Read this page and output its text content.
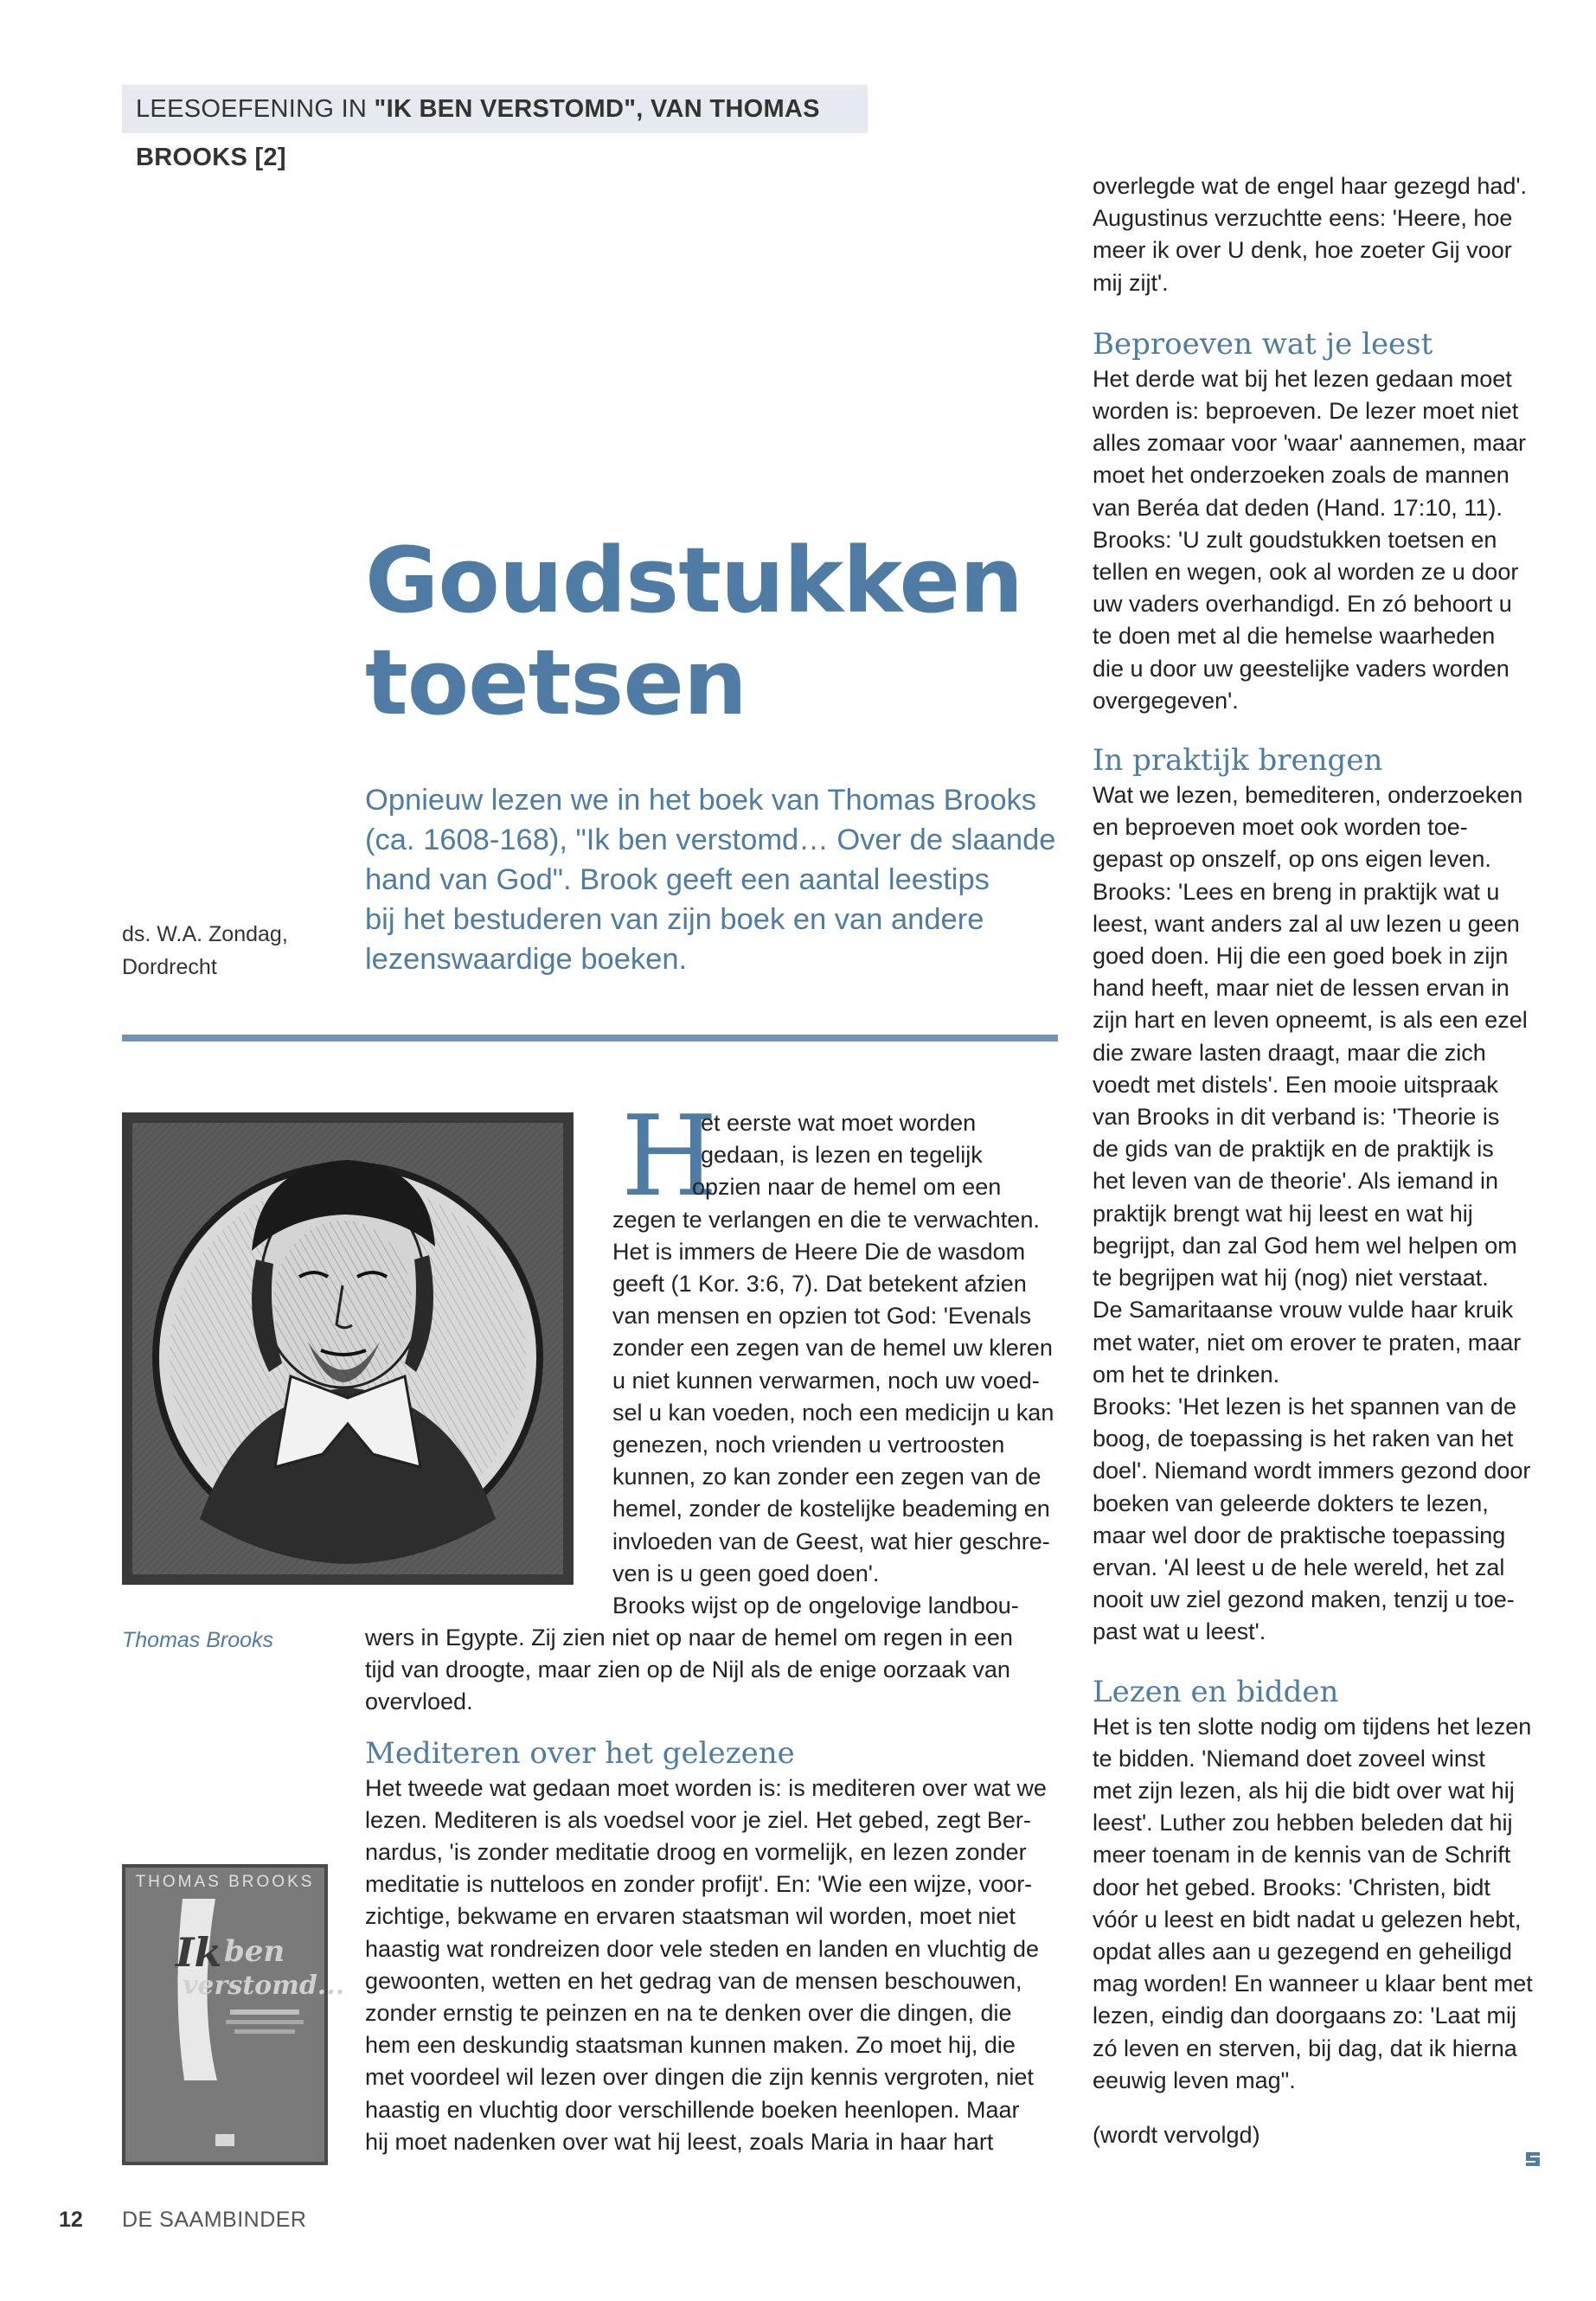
LEESOEFENING IN "IK BEN VERSTOMD", VAN THOMAS BROOKS [2]
Goudstukken
toetsen
Opnieuw lezen we in het boek van Thomas Brooks
(ca. 1608-168), "Ik ben verstomd… Over de slaande
hand van God". Brook geeft een aantal leestips
bij het bestuderen van zijn boek en van andere
lezenswaardige boeken.
ds. W.A. Zondag,
Dordrecht
Thomas Brooks
THOMAS BROOKS
Ik ben
verstomd...
H
et eerste wat moet worden
gedaan, is lezen en tegelijk
opzien naar de hemel om een
zegen te verlangen en die te verwachten.
Het is immers de Heere Die de wasdom
geeft (1 Kor. 3:6, 7). Dat betekent afzien
van mensen en opzien tot God: 'Evenals
zonder een zegen van de hemel uw kleren
u niet kunnen verwarmen, noch uw voed-
sel u kan voeden, noch een medicijn u kan
genezen, noch vrienden u vertroosten
kunnen, zo kan zonder een zegen van de
hemel, zonder de kostelijke beademing en
invloeden van de Geest, wat hier geschre-
ven is u geen goed doen'.
Brooks wijst op de ongelovige landbou-
wers in Egypte. Zij zien niet op naar de hemel om regen in een
tijd van droogte, maar zien op de Nijl als de enige oorzaak van
overvloed.
Mediteren over het gelezene
Het tweede wat gedaan moet worden is: is mediteren over wat we
lezen. Mediteren is als voedsel voor je ziel. Het gebed, zegt Ber-
nardus, 'is zonder meditatie droog en vormelijk, en lezen zonder
meditatie is nutteloos en zonder profijt'. En: 'Wie een wijze, voor-
zichtige, bekwame en ervaren staatsman wil worden, moet niet
haastig wat rondreizen door vele steden en landen en vluchtig de
gewoonten, wetten en het gedrag van de mensen beschouwen,
zonder ernstig te peinzen en na te denken over die dingen, die
hem een deskundig staatsman kunnen maken. Zo moet hij, die
met voordeel wil lezen over dingen die zijn kennis vergroten, niet
haastig en vluchtig door verschillende boeken heenlopen. Maar
hij moet nadenken over wat hij leest, zoals Maria in haar hart
overlegde wat de engel haar gezegd had'.
Augustinus verzuchtte eens: 'Heere, hoe
meer ik over U denk, hoe zoeter Gij voor
mij zijt'.
Beproeven wat je leest
Het derde wat bij het lezen gedaan moet
worden is: beproeven. De lezer moet niet
alles zomaar voor 'waar' aannemen, maar
moet het onderzoeken zoals de mannen
van Beréa dat deden (Hand. 17:10, 11).
Brooks: 'U zult goudstukken toetsen en
tellen en wegen, ook al worden ze u door
uw vaders overhandigd. En zó behoort u
te doen met al die hemelse waarheden
die u door uw geestelijke vaders worden
overgegeven'.
In praktijk brengen
Wat we lezen, bemediteren, onderzoeken
en beproeven moet ook worden toe-
gepast op onszelf, op ons eigen leven.
Brooks: 'Lees en breng in praktijk wat u
leest, want anders zal al uw lezen u geen
goed doen. Hij die een goed boek in zijn
hand heeft, maar niet de lessen ervan in
zijn hart en leven opneemt, is als een ezel
die zware lasten draagt, maar die zich
voedt met distels'. Een mooie uitspraak
van Brooks in dit verband is: 'Theorie is
de gids van de praktijk en de praktijk is
het leven van de theorie'. Als iemand in
praktijk brengt wat hij leest en wat hij
begrijpt, dan zal God hem wel helpen om
te begrijpen wat hij (nog) niet verstaat.
De Samaritaanse vrouw vulde haar kruik
met water, niet om erover te praten, maar
om het te drinken.
Brooks: 'Het lezen is het spannen van de
boog, de toepassing is het raken van het
doel'. Niemand wordt immers gezond door
boeken van geleerde dokters te lezen,
maar wel door de praktische toepassing
ervan. 'Al leest u de hele wereld, het zal
nooit uw ziel gezond maken, tenzij u toe-
past wat u leest'.
Lezen en bidden
Het is ten slotte nodig om tijdens het lezen
te bidden. 'Niemand doet zoveel winst
met zijn lezen, als hij die bidt over wat hij
leest'. Luther zou hebben beleden dat hij
meer toenam in de kennis van de Schrift
door het gebed. Brooks: 'Christen, bidt
vóór u leest en bidt nadat u gelezen hebt,
opdat alles aan u gezegend en geheiligd
mag worden! En wanneer u klaar bent met
lezen, eindig dan doorgaans zo: 'Laat mij
zó leven en sterven, bij dag, dat ik hierna
eeuwig leven mag".
(wordt vervolgd)
12 DE SAAMBINDER
